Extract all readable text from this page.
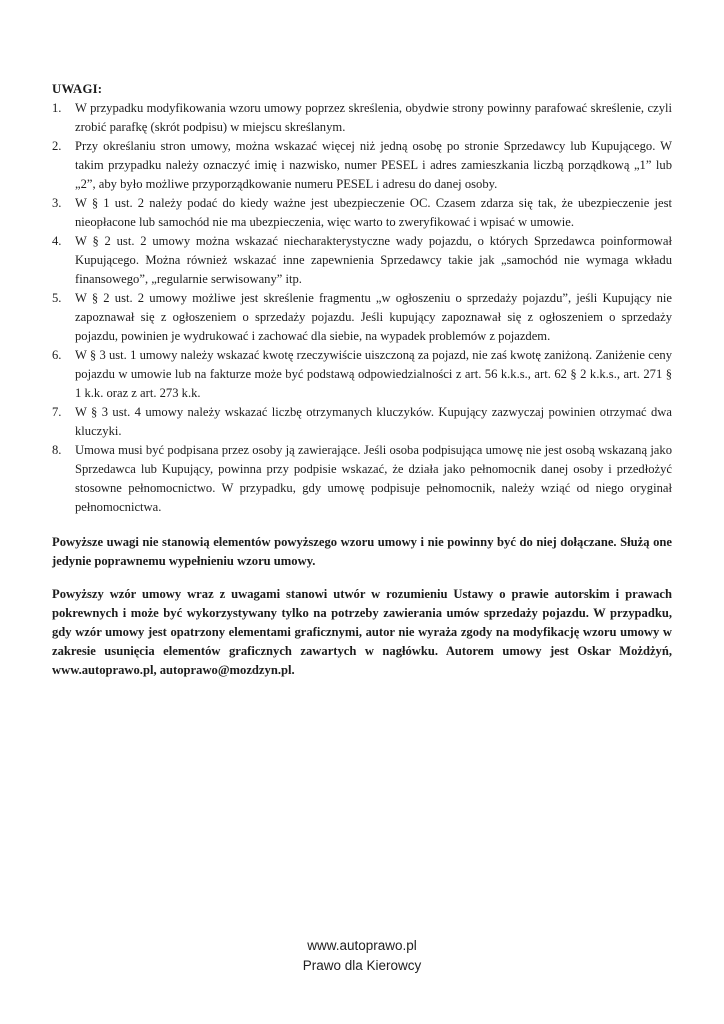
UWAGI:
1.	W przypadku modyfikowania wzoru umowy poprzez skreślenia, obydwie strony powinny parafować skreślenie, czyli zrobić parafkę (skrót podpisu) w miejscu skreślanym.
2.	Przy określaniu stron umowy, można wskazać więcej niż jedną osobę po stronie Sprzedawcy lub Kupującego. W takim przypadku należy oznaczyć imię i nazwisko, numer PESEL i adres zamieszkania liczbą porządkową „1” lub „2”, aby było możliwe przyporządkowanie numeru PESEL i adresu do danej osoby.
3.	W § 1 ust. 2 należy podać do kiedy ważne jest ubezpieczenie OC. Czasem zdarza się tak, że ubezpieczenie jest nieopłacone lub samochód nie ma ubezpieczenia, więc warto to zweryfikować i wpisać w umowie.
4.	W § 2 ust. 2 umowy można wskazać niecharakterystyczne wady pojazdu, o których Sprzedawca poinformował Kupującego. Można również wskazać inne zapewnienia Sprzedawcy takie jak „samochód nie wymaga wkładu finansowego”, „regularnie serwisowany” itp.
5.	W § 2 ust. 2 umowy możliwe jest skreślenie fragmentu „w ogłoszeniu o sprzedaży pojazdu”, jeśli Kupujący nie zapoznawał się z ogłoszeniem o sprzedaży pojazdu. Jeśli kupujący zapoznawał się z ogłoszeniem o sprzedaży pojazdu, powinien je wydrukować i zachować dla siebie, na wypadek problemów z pojazdem.
6.	W § 3 ust. 1 umowy należy wskazać kwotę rzeczywiście uiszczoną za pojazd, nie zaś kwotę zaniżoną. Zaniżenie ceny pojazdu w umowie lub na fakturze może być podstawą odpowiedzialności z art. 56 k.k.s., art. 62 § 2 k.k.s., art. 271 § 1 k.k. oraz z art. 273 k.k.
7.	W § 3 ust. 4 umowy należy wskazać liczbę otrzymanych kluczyków. Kupujący zazwyczaj powinien otrzymać dwa kluczyki.
8.	Umowa musi być podpisana przez osoby ją zawierające. Jeśli osoba podpisująca umowę nie jest osobą wskazaną jako Sprzedawca lub Kupujący, powinna przy podpisie wskazać, że działa jako pełnomocnik danej osoby i przedłożyć stosowne pełnomocnictwo. W przypadku, gdy umowę podpisuje pełnomocnik, należy wziąć od niego oryginał pełnomocnictwa.

Powyższe uwagi nie stanowią elementów powyższego wzoru umowy i nie powinny być do niej dołączane. Służą one jedynie poprawnemu wypełnieniu wzoru umowy.

Powyższy wzór umowy wraz z uwagami stanowi utwór w rozumieniu Ustawy o prawie autorskim i prawach pokrewnych i może być wykorzystywany tylko na potrzeby zawierania umów sprzedaży pojazdu. W przypadku, gdy wzór umowy jest opatrzony elementami graficznymi, autor nie wyraża zgody na modyfikację wzoru umowy w zakresie usunięcia elementów graficznych zawartych w nagłówku. Autorem umowy jest Oskar Możdżyń, www.autoprawo.pl, autoprawo@mozdzyn.pl.

www.autoprawo.pl
Prawo dla Kierowcy
